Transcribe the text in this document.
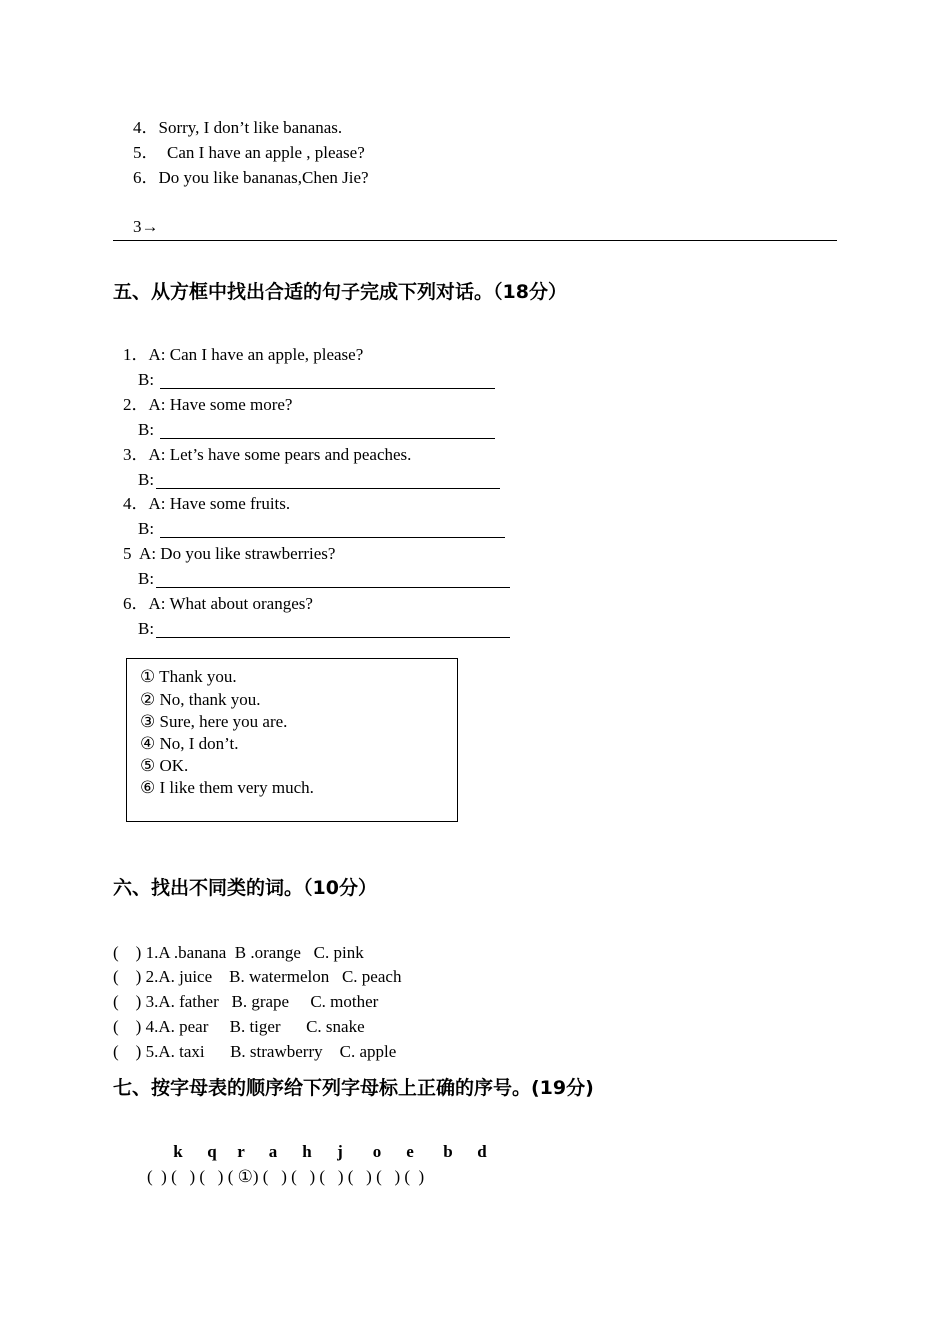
4．Sorry, I don’t like bananas.
5．  Can I have an apple , please?
6．Do you like bananas,Chen Jie?
3→
五、从方框中找出合适的句子完成下列对话。（18分）
1．A: Can I have an apple, please?
B:
2．A: Have some more?
B:
3．A: Let’s have some pears and peaches.
B:
4．A: Have some fruits.
B:
5  A: Do you like strawberries?
B:
6．A: What about oranges?
B:
① Thank you.
② No, thank you.
③ Sure, here you are.
④ No, I don’t.
⑤ OK.
⑥ I like them very much.
六、找出不同类的词。（10分）
(    ) 1.A .banana  B .orange   C. pink
(    ) 2.A. juice    B. watermelon   C. peach
(    ) 3.A. father   B. grape     C. mother
(    ) 4.A. pear     B. tiger      C. snake
(    ) 5.A. taxi      B. strawberry    C. apple
七、按字母表的顺序给下列字母标上正确的序号。(19分)
k	q	r	a	h	j	o	e	b	d
(  ) (   ) (   ) ( ①) (   ) (   ) (   ) (   ) (   ) (  )
